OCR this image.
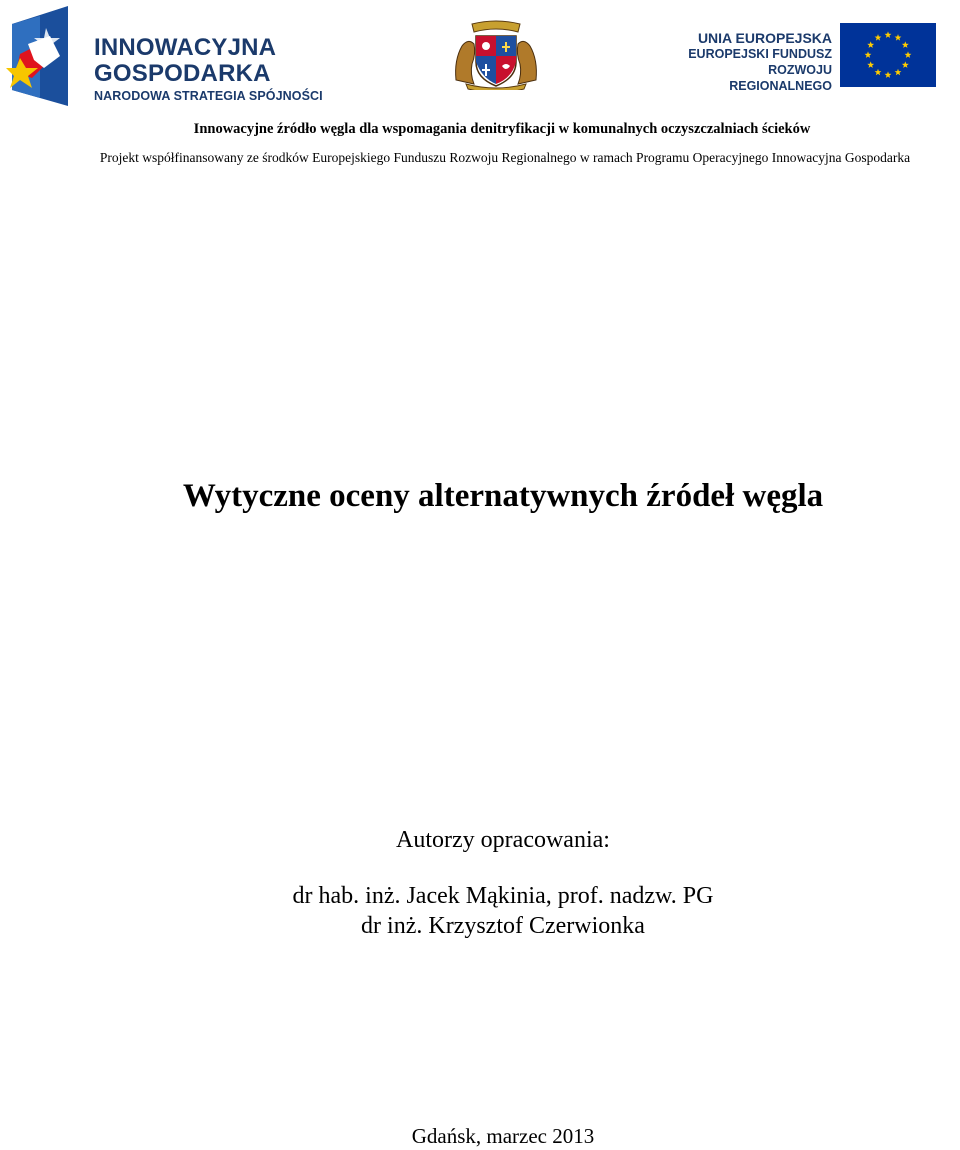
INNOWACYJNA
GOSPODARKA
NARODOWA STRATEGIA SPÓJNOŚCI
UNIA EUROPEJSKA
EUROPEJSKI FUNDUSZ
ROZWOJU REGIONALNEGO
Innowacyjne źródło węgla dla wspomagania denitryfikacji w komunalnych oczyszczalniach ścieków
Projekt współfinansowany ze środków Europejskiego Funduszu Rozwoju Regionalnego w ramach Programu Operacyjnego Innowacyjna Gospodarka
Wytyczne oceny alternatywnych źródeł węgla
Autorzy opracowania:
dr hab. inż. Jacek Mąkinia, prof. nadzw. PG
dr inż. Krzysztof Czerwionka
Gdańsk, marzec 2013
